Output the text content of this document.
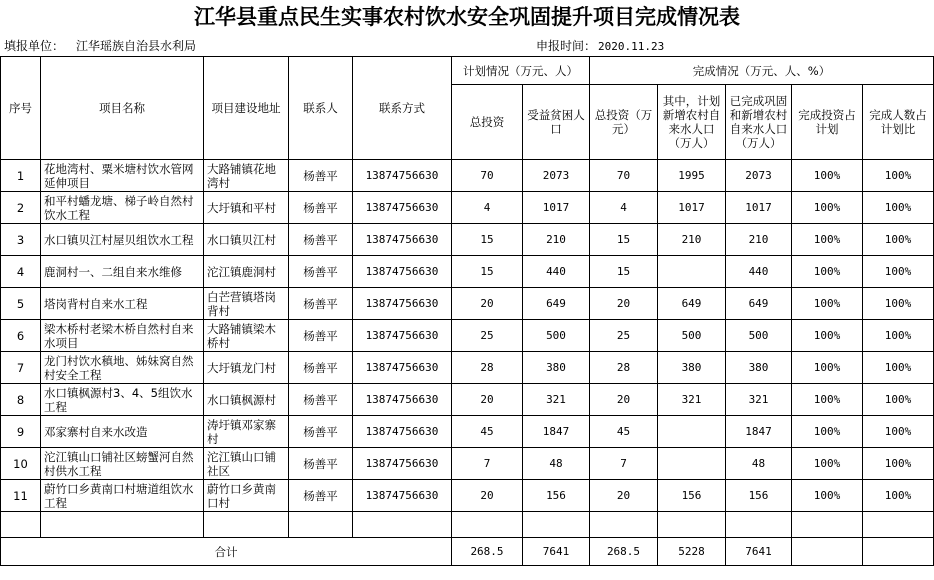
江华县重点民生实事农村饮水安全巩固提升项目完成情况表
填报单位： 江华瑶族自治县水利局	申报时间： 2020.11.23
序号	项目名称	项目建设地址	联系人	联系方式	计划情况（万元、人）		完成情况（万元、人、%）				
					总投资	受益贫困人口	总投资（万元）	其中，计划新增农村自来水人口（万人）	已完成巩固和新增农村自来水人口（万人）	完成投资占计划	完成人数占计划比
1	花地湾村、粟米塘村饮水管网延伸项目	大路铺镇花地湾村	杨善平	13874756630	70	2073	70	1995	2073	100%	100%
2	和平村蟠龙塘、梯子岭自然村饮水工程	大圩镇和平村	杨善平	13874756630	4	1017	4	1017	1017	100%	100%
3	水口镇贝江村屋贝组饮水工程	水口镇贝江村	杨善平	13874756630	15	210	15	210	210	100%	100%
4	鹿洞村一、二组自来水维修	沱江镇鹿洞村	杨善平	13874756630	15	440	15		440	100%	100%
5	塔岗背村自来水工程	白芒营镇塔岗背村	杨善平	13874756630	20	649	20	649	649	100%	100%
6	梁木桥村老梁木桥自然村自来水项目	大路铺镇梁木桥村	杨善平	13874756630	25	500	25	500	500	100%	100%
7	龙门村饮水稹地、姊妹窝自然村安全工程	大圩镇龙门村	杨善平	13874756630	28	380	28	380	380	100%	100%
8	水口镇枫源村3、4、5组饮水工程	水口镇枫源村	杨善平	13874756630	20	321	20	321	321	100%	100%
9	邓家寨村自来水改造	涛圩镇邓家寨村	杨善平	13874756630	45	1847	45		1847	100%	100%
10	沱江镇山口铺社区螃蟹河自然村供水工程	沱江镇山口铺社区	杨善平	13874756630	7	48	7		48	100%	100%
11	蔚竹口乡黄南口村塘道组饮水工程	蔚竹口乡黄南口村	杨善平	13874756630	20	156	20	156	156	100%	100%

合计					268.5	7641	268.5	5228	7641		
